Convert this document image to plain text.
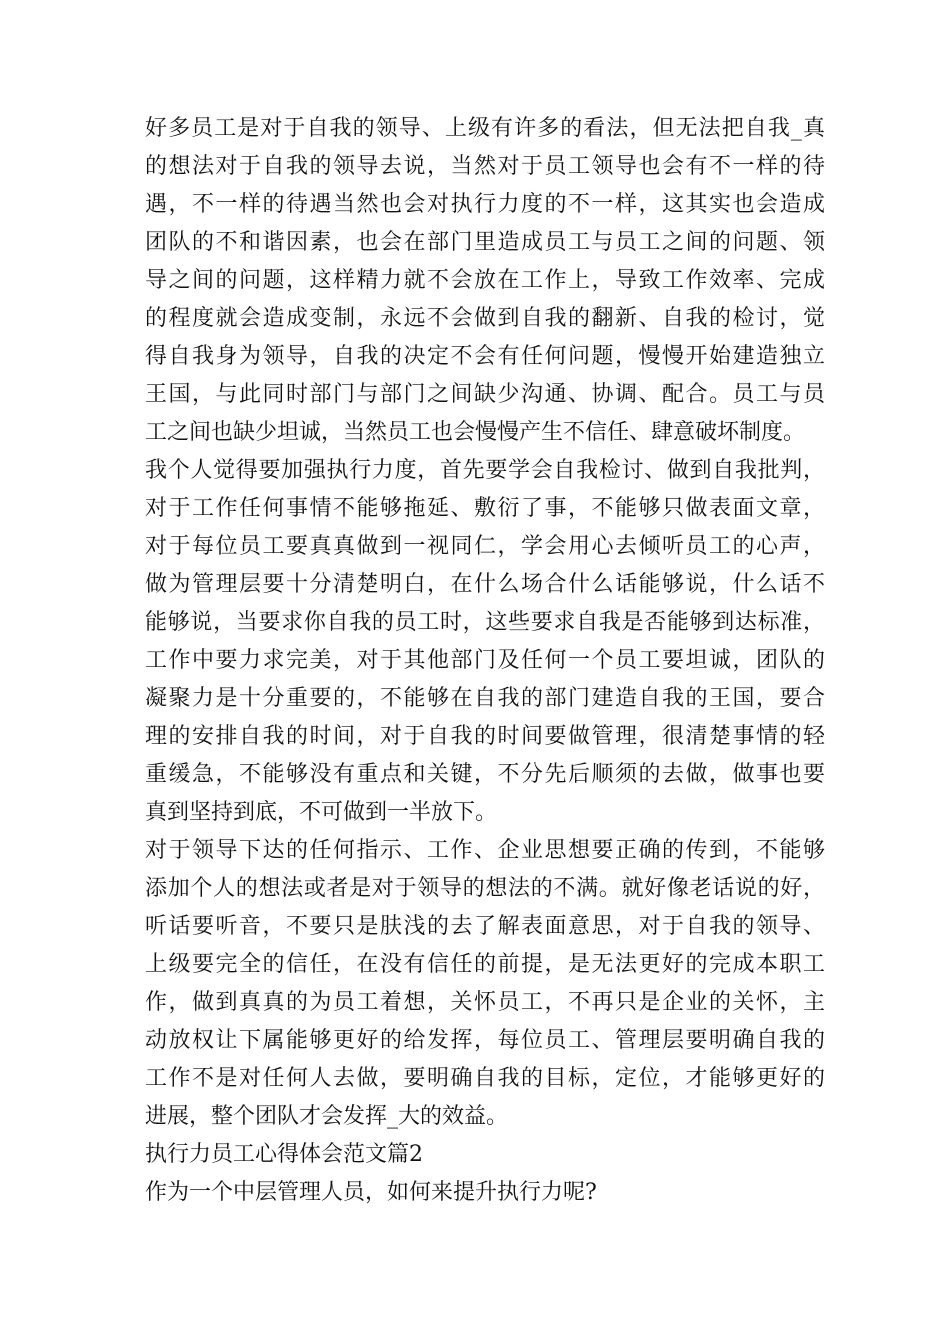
好多员工是对于自我的领导、上级有许多的看法，但无法把自我_真
的想法对于自我的领导去说，当然对于员工领导也会有不一样的待
遇，不一样的待遇当然也会对执行力度的不一样，这其实也会造成
团队的不和谐因素，也会在部门里造成员工与员工之间的问题、领
导之间的问题，这样精力就不会放在工作上，导致工作效率、完成
的程度就会造成变制，永远不会做到自我的翻新、自我的检讨，觉
得自我身为领导，自我的决定不会有任何问题，慢慢开始建造独立
王国，与此同时部门与部门之间缺少沟通、协调、配合。员工与员
工之间也缺少坦诚，当然员工也会慢慢产生不信任、肆意破坏制度。
我个人觉得要加强执行力度，首先要学会自我检讨、做到自我批判，
对于工作任何事情不能够拖延、敷衍了事，不能够只做表面文章，
对于每位员工要真真做到一视同仁，学会用心去倾听员工的心声，
做为管理层要十分清楚明白，在什么场合什么话能够说，什么话不
能够说，当要求你自我的员工时，这些要求自我是否能够到达标准，
工作中要力求完美，对于其他部门及任何一个员工要坦诚，团队的
凝聚力是十分重要的，不能够在自我的部门建造自我的王国，要合
理的安排自我的时间，对于自我的时间要做管理，很清楚事情的轻
重缓急，不能够没有重点和关键，不分先后顺须的去做，做事也要
真到坚持到底，不可做到一半放下。
对于领导下达的任何指示、工作、企业思想要正确的传到，不能够
添加个人的想法或者是对于领导的想法的不满。就好像老话说的好，
听话要听音，不要只是肤浅的去了解表面意思，对于自我的领导、
上级要完全的信任，在没有信任的前提，是无法更好的完成本职工
作，做到真真的为员工着想，关怀员工，不再只是企业的关怀，主
动放权让下属能够更好的给发挥，每位员工、管理层要明确自我的
工作不是对任何人去做，要明确自我的目标，定位，才能够更好的
进展，整个团队才会发挥_大的效益。
执行力员工心得体会范文篇2
作为一个中层管理人员，如何来提升执行力呢?
